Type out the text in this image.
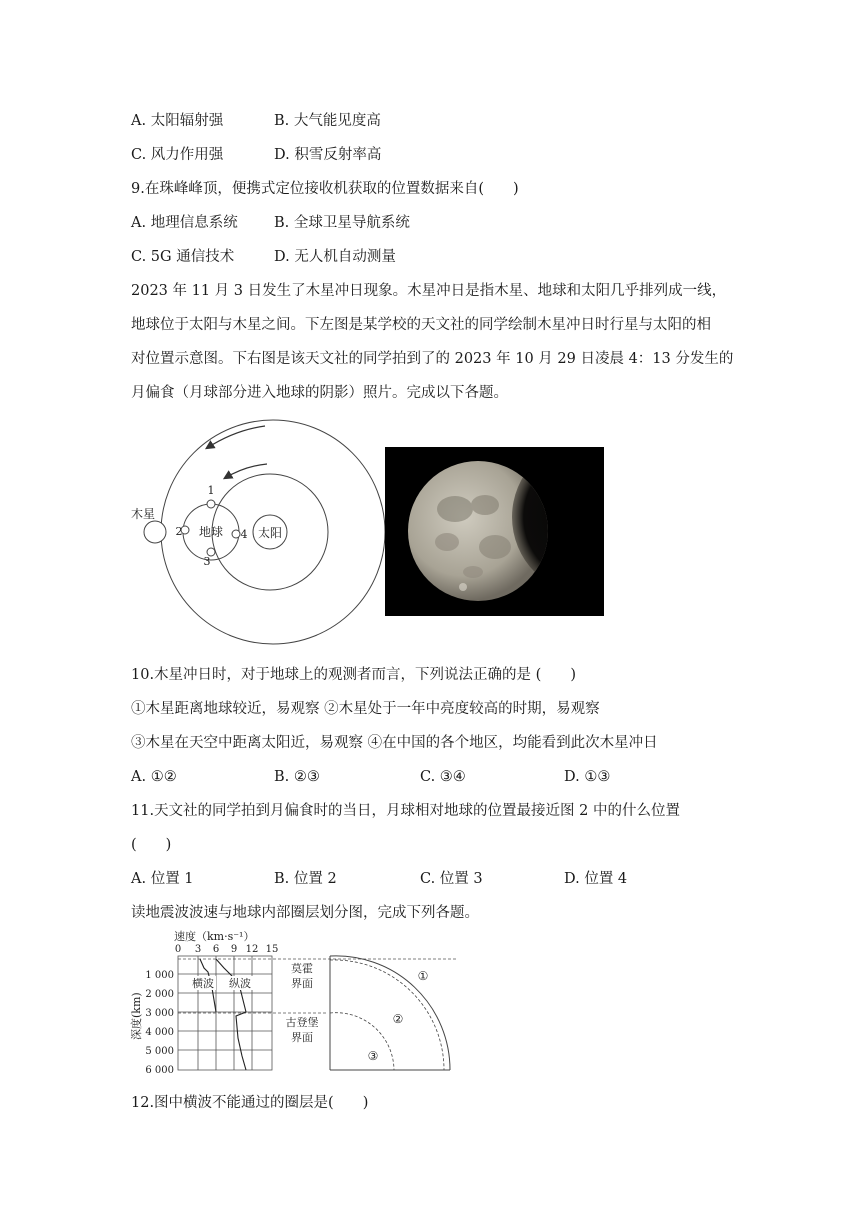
A. 太阳辐射强	B. 大气能见度高
C. 风力作用强	D. 积雪反射率高
9.在珠峰峰顶，便携式定位接收机获取的位置数据来自(　　)
A. 地理信息系统	B. 全球卫星导航系统
C. 5G 通信技术	D. 无人机自动测量
2023 年 11 月 3 日发生了木星冲日现象。木星冲日是指木星、地球和太阳几乎排列成一线，
地球位于太阳与木星之间。下左图是某学校的天文社的同学绘制木星冲日时行星与太阳的相
对位置示意图。下右图是该天文社的同学拍到了的 2023 年 10 月 29 日凌晨 4：13 分发生的
月偏食（月球部分进入地球的阴影）照片。完成以下各题。
太阳
地球
木星
1
2
3
4
10.木星冲日时，对于地球上的观测者而言，下列说法正确的是 (　　)
①木星距离地球较近，易观察 ②木星处于一年中亮度较高的时期，易观察
③木星在天空中距离太阳近，易观察 ④在中国的各个地区，均能看到此次木星冲日
A. ①②	B. ②③	C. ③④	D. ①③
11.天文社的同学拍到月偏食时的当日，月球相对地球的位置最接近图 2 中的什么位置
(　　)
A. 位置 1	B. 位置 2	C. 位置 3	D. 位置 4
读地震波波速与地球内部圈层划分图，完成下列各题。
速度（km·s⁻¹）
0 3 6 9 12 15
1 000
2 000
3 000
4 000
5 000
6 000
深度(km)
横波 纵波
莫霍
界面
古登堡
界面
①
②
③
12.图中横波不能通过的圈层是(　　)
